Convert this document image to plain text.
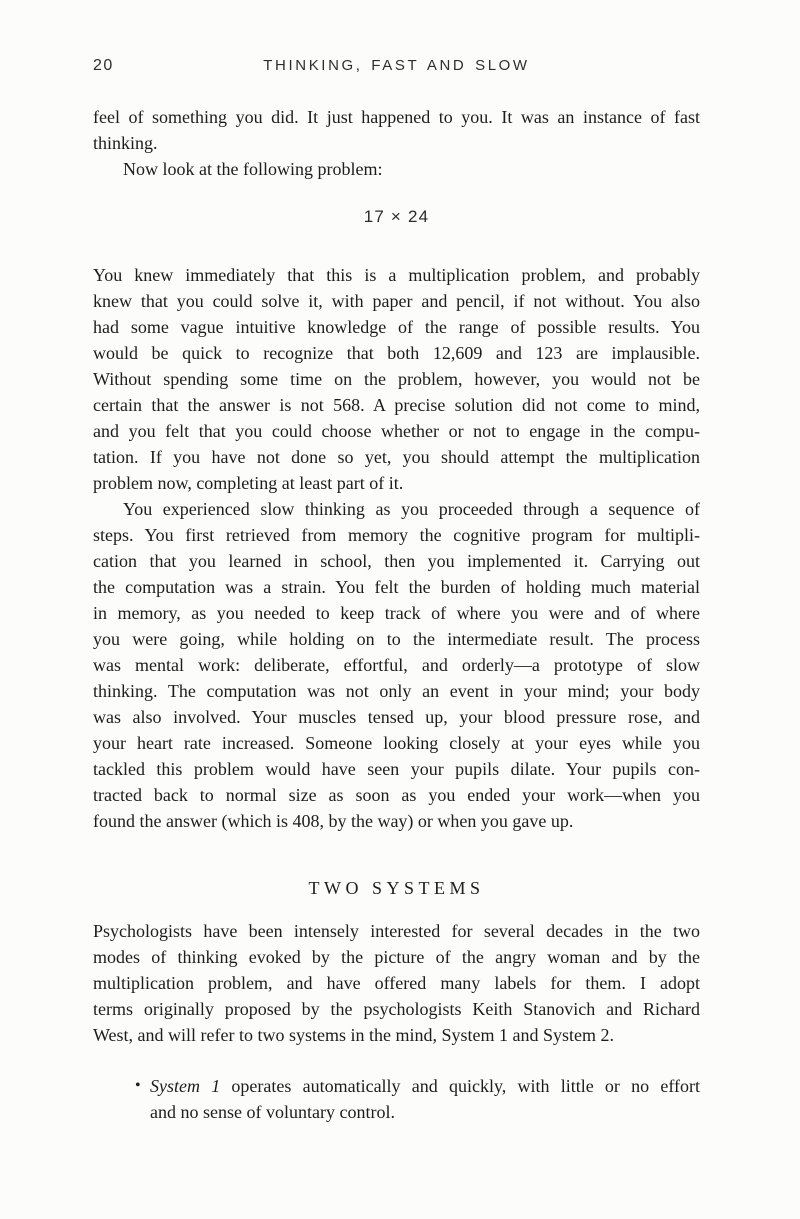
20	THINKING, FAST AND SLOW
feel of something you did. It just happened to you. It was an instance of fast
thinking.
Now look at the following problem:
17 × 24
You knew immediately that this is a multiplication problem, and probably
knew that you could solve it, with paper and pencil, if not without. You also
had some vague intuitive knowledge of the range of possible results. You
would be quick to recognize that both 12,609 and 123 are implausible.
Without spending some time on the problem, however, you would not be
certain that the answer is not 568. A precise solution did not come to mind,
and you felt that you could choose whether or not to engage in the compu-
tation. If you have not done so yet, you should attempt the multiplication
problem now, completing at least part of it.
You experienced slow thinking as you proceeded through a sequence of
steps. You first retrieved from memory the cognitive program for multipli-
cation that you learned in school, then you implemented it. Carrying out
the computation was a strain. You felt the burden of holding much material
in memory, as you needed to keep track of where you were and of where
you were going, while holding on to the intermediate result. The process
was mental work: deliberate, effortful, and orderly—a prototype of slow
thinking. The computation was not only an event in your mind; your body
was also involved. Your muscles tensed up, your blood pressure rose, and
your heart rate increased. Someone looking closely at your eyes while you
tackled this problem would have seen your pupils dilate. Your pupils con-
tracted back to normal size as soon as you ended your work—when you
found the answer (which is 408, by the way) or when you gave up.
TWO SYSTEMS
Psychologists have been intensely interested for several decades in the two
modes of thinking evoked by the picture of the angry woman and by the
multiplication problem, and have offered many labels for them. I adopt
terms originally proposed by the psychologists Keith Stanovich and Richard
West, and will refer to two systems in the mind, System 1 and System 2.
• System 1 operates automatically and quickly, with little or no effort
and no sense of voluntary control.
